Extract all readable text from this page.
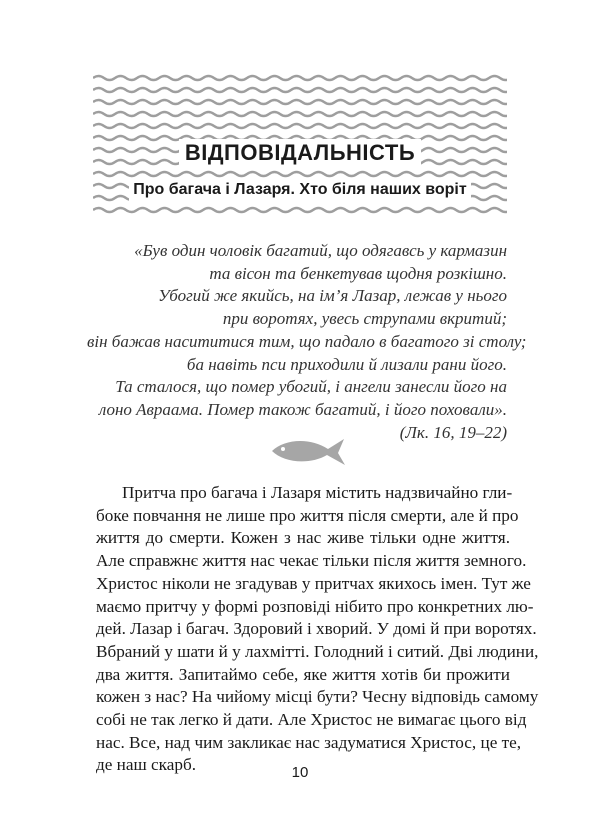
ВІДПОВІДАЛЬНІСТЬ
Про багача і Лазаря. Хто біля наших воріт
«Був один чоловік багатий, що одягавсь у кармазин
та вісон та бенкетував щодня розкішно.
Убогий же якийсь, на ім’я Лазар, лежав у нього
при воротях, увесь струпами вкритий;
він бажав насититися тим, що падало в багатого зі столу;
ба навіть пси приходили й лизали рани його.
Та сталося, що помер убогий, і ангели занесли його на
лоно Авраама. Помер також багатий, і його поховали».
(Лк. 16, 19–22)
Притча про багача і Лазаря містить надзвичайно гли-
боке повчання не лише про життя після смерти, але й про
життя до смерти. Кожен з нас живе тільки одне життя.
Але справжнє життя нас чекає тільки після життя земного.
Христос ніколи не згадував у притчах якихось імен. Тут же
маємо притчу у формі розповіді нібито про конкретних лю-
дей. Лазар і багач. Здоровий і хворий. У домі й при воротях.
Вбраний у шати й у лахмітті. Голодний і ситий. Дві людини,
два життя. Запитаймо себе, яке життя хотів би прожити
кожен з нас? На чийому місці бути? Чесну відповідь самому
собі не так легко й дати. Але Христос не вимагає цього від
нас. Все, над чим закликає нас задуматися Христос, це те,
де наш скарб.	10
